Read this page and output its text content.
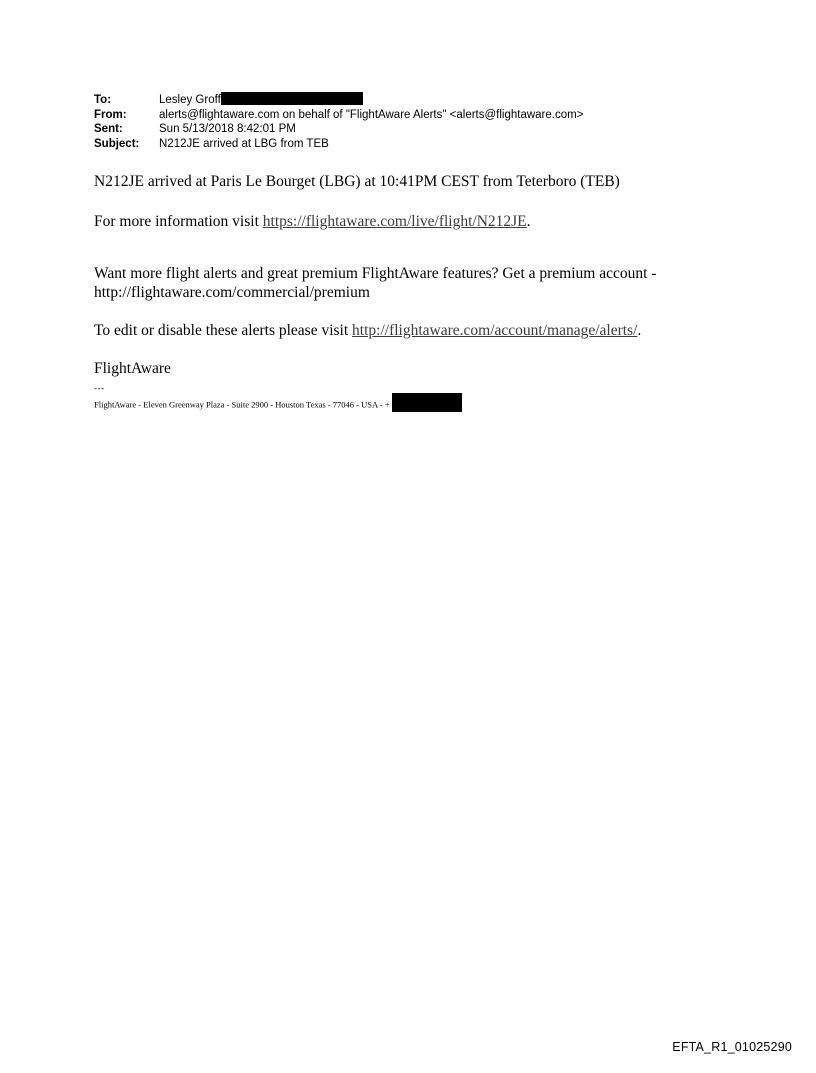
To:	Lesley Groff
From:	alerts@flightaware.com on behalf of "FlightAware Alerts" <alerts@flightaware.com>
Sent:	Sun 5/13/2018 8:42:01 PM
Subject:	N212JE arrived at LBG from TEB

N212JE arrived at Paris Le Bourget (LBG) at 10:41PM CEST from Teterboro (TEB)

For more information visit https://flightaware.com/live/flight/N212JE.

Want more flight alerts and great premium FlightAware features? Get a premium account - http://flightaware.com/commercial/premium

To edit or disable these alerts please visit http://flightaware.com/account/manage/alerts/.

FlightAware

---
FlightAware - Eleven Greenway Plaza - Suite 2900 - Houston Texas - 77046 - USA - +
EFTA_R1_01025290
